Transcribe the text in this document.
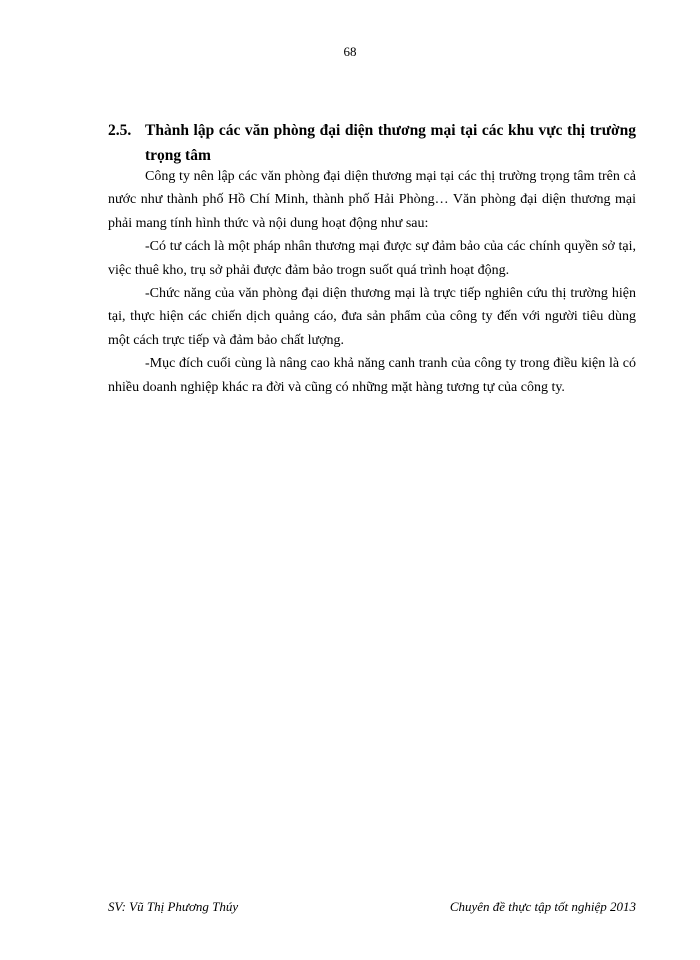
68
2.5. Thành lập các văn phòng đại diện thương mại tại các khu vực thị trường trọng tâm

Công ty nên lập các văn phòng đại diện thương mại tại các thị trường trọng tâm trên cả nước như thành phố Hồ Chí Minh, thành phố Hải Phòng… Văn phòng đại diện thương mại phải mang tính hình thức và nội dung hoạt động như sau:

-Có tư cách là một pháp nhân thương mại được sự đảm bảo của các chính quyền sở tại, việc thuê kho, trụ sở phải được đảm bảo trogn suốt quá trình hoạt động.

-Chức năng của văn phòng đại diện thương mại là trực tiếp nghiên cứu thị trường hiện tại, thực hiện các chiến dịch quảng cáo, đưa sản phẩm của công ty đến với người tiêu dùng một cách trực tiếp và đảm bảo chất lượng.

-Mục đích cuối cùng là nâng cao khả năng canh tranh của công ty trong điều kiện là có nhiều doanh nghiệp khác ra đời và cũng có những mặt hàng tương tự của công ty.

SV: Vũ Thị Phương Thúy	Chuyên đề thực tập tốt nghiệp 2013
